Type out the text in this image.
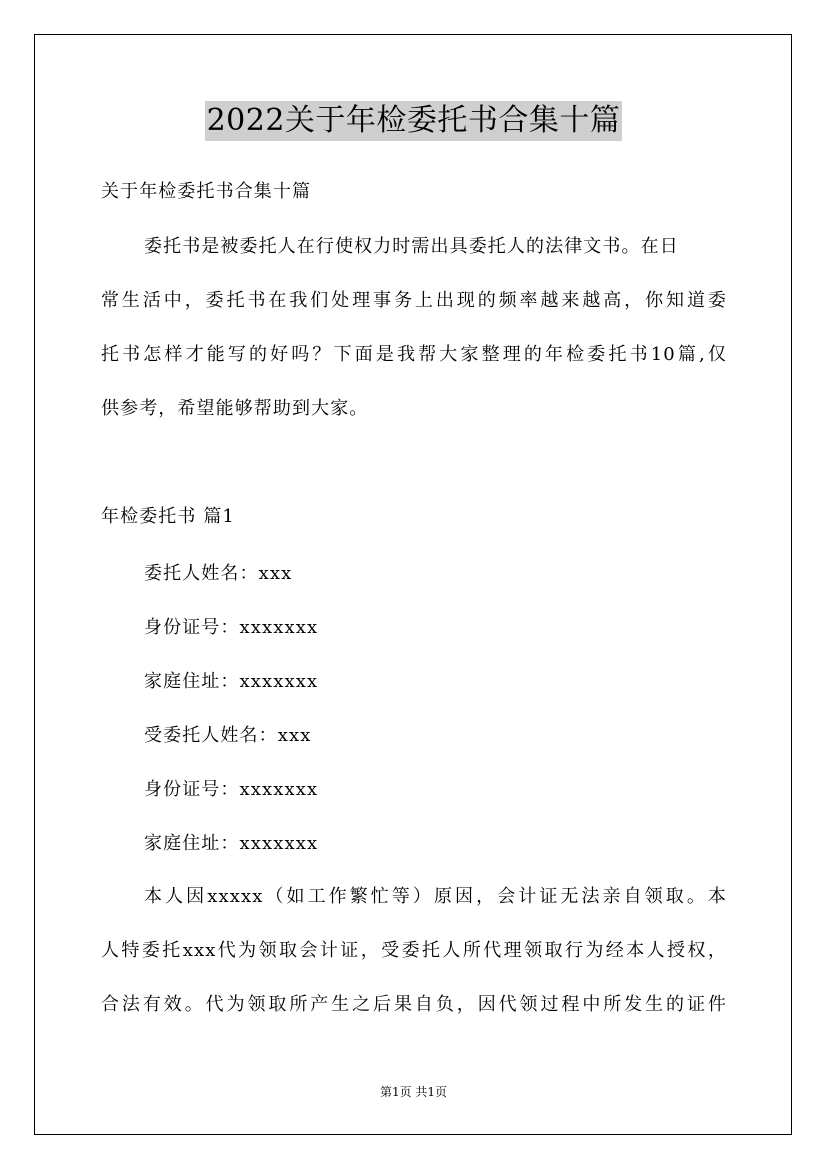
2022关于年检委托书合集十篇
关于年检委托书合集十篇
委托书是被委托人在行使权力时需出具委托人的法律文书。在日
常生活中，委托书在我们处理事务上出现的频率越来越高，你知道委
托书怎样才能写的好吗？下面是我帮大家整理的年检委托书10篇,仅
供参考，希望能够帮助到大家。
年检委托书 篇1
委托人姓名：xxx
身份证号：xxxxxxx
家庭住址：xxxxxxx
受委托人姓名：xxx
身份证号：xxxxxxx
家庭住址：xxxxxxx
本人因xxxxx（如工作繁忙等）原因，会计证无法亲自领取。本
人特委托xxx代为领取会计证，受委托人所代理领取行为经本人授权，
合法有效。代为领取所产生之后果自负，因代领过程中所发生的证件
第1页 共1页
